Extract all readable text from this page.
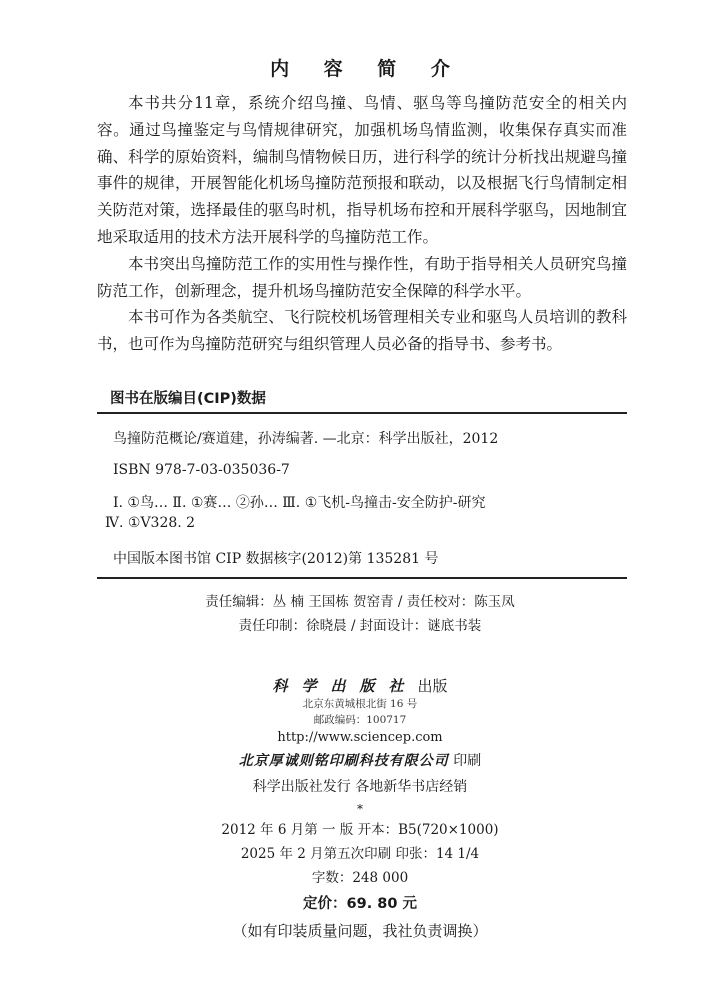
内 容 简 介

本书共分11章，系统介绍鸟撞、鸟情、驱鸟等鸟撞防范安全的相关内容。通过鸟撞鉴定与鸟情规律研究，加强机场鸟情监测，收集保存真实而准确、科学的原始资料，编制鸟情物候日历，进行科学的统计分析找出规避鸟撞事件的规律，开展智能化机场鸟撞防范预报和联动，以及根据飞行鸟情制定相关防范对策，选择最佳的驱鸟时机，指导机场布控和开展科学驱鸟，因地制宜地采取适用的技术方法开展科学的鸟撞防范工作。

本书突出鸟撞防范工作的实用性与操作性，有助于指导相关人员研究鸟撞防范工作，创新理念，提升机场鸟撞防范安全保障的科学水平。

本书可作为各类航空、飞行院校机场管理相关专业和驱鸟人员培训的教科书，也可作为鸟撞防范研究与组织管理人员必备的指导书、参考书。

图书在版编目(CIP)数据
鸟撞防范概论/赛道建，孙涛编著. —北京：科学出版社，2012
ISBN 978-7-03-035036-7
Ⅰ. ①鸟… Ⅱ. ①赛… ②孙… Ⅲ. ①飞机-鸟撞击-安全防护-研究
Ⅳ. ①V328. 2
中国版本图书馆 CIP 数据核字(2012)第 135281 号
责任编辑：丛 楠 王国栋 贺窑青 / 责任校对：陈玉凤
责任印制：徐晓晨 / 封面设计：谜底书装
科学出版社出版
北京东黄城根北街 16 号
邮政编码：100717
http://www.sciencep.com
北京厚诚则铭印刷科技有限公司 印刷
科学出版社发行 各地新华书店经销
*
2012 年 6 月第 一 版 开本：B5(720×1000)
2025 年 2 月第五次印刷 印张：14 1/4
字数：248 000
定价：69. 80 元
（如有印装质量问题，我社负责调换）
